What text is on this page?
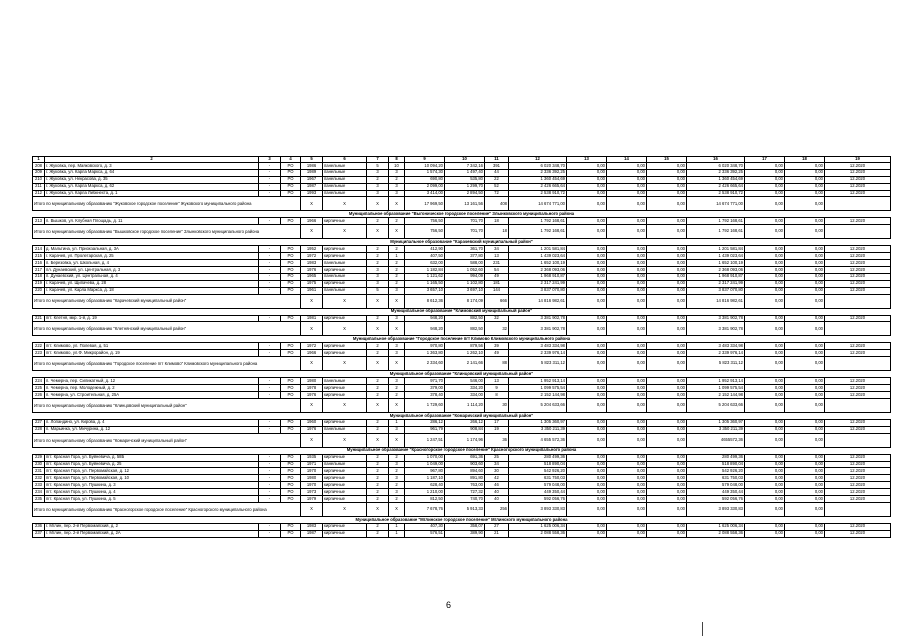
1	2	3	4	5	6	7	8	9	10	11	12	13	14	15	16	17	18	19
208	г. Жуковка, пер. Маяковского, д. 3	-	РО	1986	панельные	5	10	10 094,20	7 342,16	391	6 020 348,70	0,00	0,00	0,00	6 020 348,70	0,00	0,00	12.2020
209	г. Жуковка, ул. Карла Маркса, д. 64	-	РО	1989	панельные	3	3	1 574,30	1 497,40	44	2 336 392,25	0,00	0,00	0,00	2 336 392,25	0,00	0,00	12.2020
210	г. Жуковка, ул. Некрасова, д. 35	-	РО	1967	панельные	2	2	690,80	535,80	22	1 360 454,69	0,00	0,00	0,00	1 360 454,69	0,00	0,00	12.2020
211	г. Жуковка, ул. Карла Маркса, д. 62	-	РО	1987	панельные	3	3	2 099,00	1 299,70	52	2 426 665,64	0,00	0,00	0,00	2 426 665,64	0,00	0,00	12.2020
212	г. Жуковка, ул. Карла Либкнехта, д. 1	-	РО	1993	панельные	3	3	3 414,00	2 894,50	72	2 538 910,72	0,00	0,00	0,00	2 538 910,72	0,00	0,00	12.2020
Итого по муниципальному образованию "Жуковское городское поселение" Жуковского муниципального района				X	X	X	X	17 969,50	13 161,56	408	14 674 771,00	0,00	0,00	0,00	14 674 771,00	0,00	0,00	
Муниципальное образование "Выгоническое городское поселение" Злынковского муниципального района																		
213	п. Вышков, ул. Клубная Площадь, д. 11	-	РО	1966	кирпичные	2	2	756,50	701,70	18	1 792 168,61	0,00	0,00	0,00	1 792 168,61	0,00	0,00	12.2020
Итого по муниципальному образованию "Вышковское городское поселение" Злынковского муниципального района				X	X	X	X	756,50	701,70	18	1 792 168,61	0,00	0,00	0,00	1 792 168,61	0,00	0,00	
Муниципальное образование "Карачевский муниципальный район"																		
214	д. Мальтина, ул. Приокзальная, д. 3А	-	РО	1952	кирпичные	2	2	412,90	361,70	34	1 201 581,84	0,00	0,00	0,00	1 201 581,84	0,00	0,00	12.2020
215	г. Карачев, ул. Пролетарская, д. 25	-	РО	1972	кирпичные	2	1	407,50	377,80	13	1 439 023,64	0,00	0,00	0,00	1 439 023,64	0,00	0,00	12.2020
216	п. Березовка, ул. Школьная, д. 4	-	РО	1983	панельные	2	2	632,00	588,00	231	1 652 100,19	0,00	0,00	0,00	1 652 100,19	0,00	0,00	12.2020
217	пл. Дунаевский, ул. Центральная, д. 3	-	РО	1976	кирпичные	3	2	1 182,84	1 052,60	54	2 368 093,06	0,00	0,00	0,00	2 368 093,06	0,00	0,00	12.2020
218	п. Дунаевский, ул. Центральная, д. 4	-	РО	1965	панельные	3	2	1 121,62	994,09	49	1 968 910,87	0,00	0,00	0,00	1 968 910,87	0,00	0,00	12.2020
219	г. Карачев, ул. Щипачева, д. 28	-	РО	1975	кирпичные	3	2	1 165,50	1 102,80	181	2 317 241,99	0,00	0,00	0,00	2 317 241,99	0,00	0,00	12.2020
220	г. Карачев, ул. Карла Маркса, д. 18	-	РО	1961	панельные	5	3	3 657,10	3 697,10	144	3 837 070,80	0,00	0,00	0,00	3 837 070,80	0,00	0,00	12.2020
Итого по муниципальному образованию "Карачевский муниципальный район"				X	X	X	X	8 612,36	8 174,09	666	14 816 982,61	0,00	0,00	0,00	14 816 982,61	0,00	0,00	
Муниципальное образование "Климовский муниципальный район"																		
221	пгт. Клетня, мкр. 1-й, д. 19	-	РО	1981	кирпичные	2	3	948,20	882,50	32	3 381 902,78	0,00	0,00	0,00	3 381 902,78	0,00	0,00	12.2020
Итого по муниципальному образованию "Клетнянский муниципальный район"				X	X	X	X	948,20	882,50	32	3 381 902,78	0,00	0,00	0,00	3 381 902,78	0,00	0,00	
Муниципальное образование "Городское поселение пгт Климово Климовского муниципального района																		
222	пгт. Климово, ул. Полевая, д. 51	-	РО	1972	кирпичные	2	3	970,80	879,56	39	3 483 334,98	0,00	0,00	0,00	3 483 334,98	0,00	0,00	12.2020
223	пгт. Климово, ул.Ф. Микрорайон, д. 19	-	РО	1966	кирпичные	2	3	1 363,80	1 262,10	49	2 339 976,14	0,00	0,00	0,00	2 339 976,14	0,00	0,00	12.2020
Итого по муниципальному образованию "Городское поселение пгт Климово" Климовского муниципального района				X	X	X	X	2 334,60	2 141,66	88	5 823 311,12	0,00	0,00	0,00	5 823 311,12	0,00	0,00	
Муниципальное образование "Клинцовский муниципальный район"																		
224	п. Чемерна, пер. Силикатный, д. 12	-	РО	1980	панельные	2	3	971,70	546,00	13	1 952 913,14	0,00	0,00	0,00	1 952 913,14	0,00	0,00	12.2020
225	п. Чемерна, пер. Молодежный, д. 2	-	РО	1978	кирпичные	2	2	379,00	334,20	9	1 099 575,54	0,00	0,00	0,00	1 099 575,54	0,00	0,00	12.2020
226	п. Чемерна, ул. Строительная, д. 25А	-	РО	1976	кирпичные	2	2	378,40	334,00	8	2 152 144,98	0,00	0,00	0,00	2 152 144,98	0,00	0,00	12.2020
Итого по муниципальному образованию "Клинцовский муниципальный район"				X	X	X	X	1 729,60	1 114,20	30	5 204 633,66	0,00	0,00	0,00	5 204 633,66	0,00	0,00	
Муниципальное образование "Комаричский муниципальный район"																		
227	п. Лопандино, ул. Кирова, д. 4	-	РО	1960	кирпичные	2	1	286,12	266,12	17	1 305 360,97	0,00	0,00	0,00	1 305 360,97	0,00	0,00	12.2020
228	п. Марьинка, ул. Мичурина, д. 12	-	РО	1976	панельные	2	3	961,79	908,84	19	3 350 211,39	0,00	0,00	0,00	3 350 211,39	0,00	0,00	12.2020
Итого по муниципальному образованию "Комаричский муниципальный район"				X	X	X	X	1 247,51	1 174,96	36	4 655 572,36	0,00	0,00	0,00	4655572,36	0,00	0,00	
Муниципальное образование "Красногорское городское поселение" Красногорского муниципального района																		
229	пгт. Красная Гора, ул. Буйневича, д. 58Б	-	РО	1935	кирпичные	2	2	1 070,00	691,36	25	280 499,36	0,00	0,00	0,00	280 499,36	0,00	0,00	12.2020
230	пгт. Красная Гора, ул. Буйневича, д. 25	-	РО	1971	панельные	2	3	1 049,00	903,60	34	518 890,04	0,00	0,00	0,00	518 890,04	0,00	0,00	12.2020
231	пгт. Красная Гора, ул. Первомайская, д. 12	-	РО	1970	кирпичные	2	2	967,80	894,60	30	542 926,20	0,00	0,00	0,00	542 926,20	0,00	0,00	12.2020
232	пгт. Красная Гора, ул. Первомайская, д. 10	-	РО	1980	кирпичные	2	3	1 187,10	891,80	42	631 750,03	0,00	0,00	0,00	631 750,03	0,00	0,00	12.2020
233	пгт. Красная Гора, ул. Пушкина, д. 3	-	РО	1970	кирпичные	2	2	628,40	763,00	46	579 048,00	0,00	0,00	0,00	579 048,00	0,00	0,00	12.2020
234	пгт. Красная Гора, ул. Пушкина, д. 4	-	РО	1973	кирпичные	2	3	1 210,00	727,32	40	449 350,44	0,00	0,00	0,00	449 350,44	0,00	0,00	12.2020
235	пгт. Красная Гора, ул. Пушкина, д. 5	-	РО	1979	кирпичные	2	2	812,50	740,70	40	592 056,76	0,00	0,00	0,00	592 056,76	0,00	0,00	12.2020
Итого по муниципальному образованию "Красногорское городское поселение" Красногорского муниципального района				X	X	X	X	7 678,76	5 913,33	256	3 893 330,83	0,00	0,00	0,00	3 893 330,83	0,00	0,00	
Муниципальное образование "Мглинское городское поселение" Мглинского муниципального района																		
236	г. Мглин, пер. 2-й Первомайский, д. 2	-	РО	1983	кирпичные	2	1	407,30	358,07	27	1 625 006,34	0,00	0,00	0,00	1 625 006,34	0,00	0,00	12.2020
237	г. Мглин, пер. 2-й Первомайский, д. 2А	-	РО	1987	кирпичные	2	1	576,51	389,90	21	2 088 558,36	0,00	0,00	0,00	2 088 558,36	0,00	0,00	12.2020
6
